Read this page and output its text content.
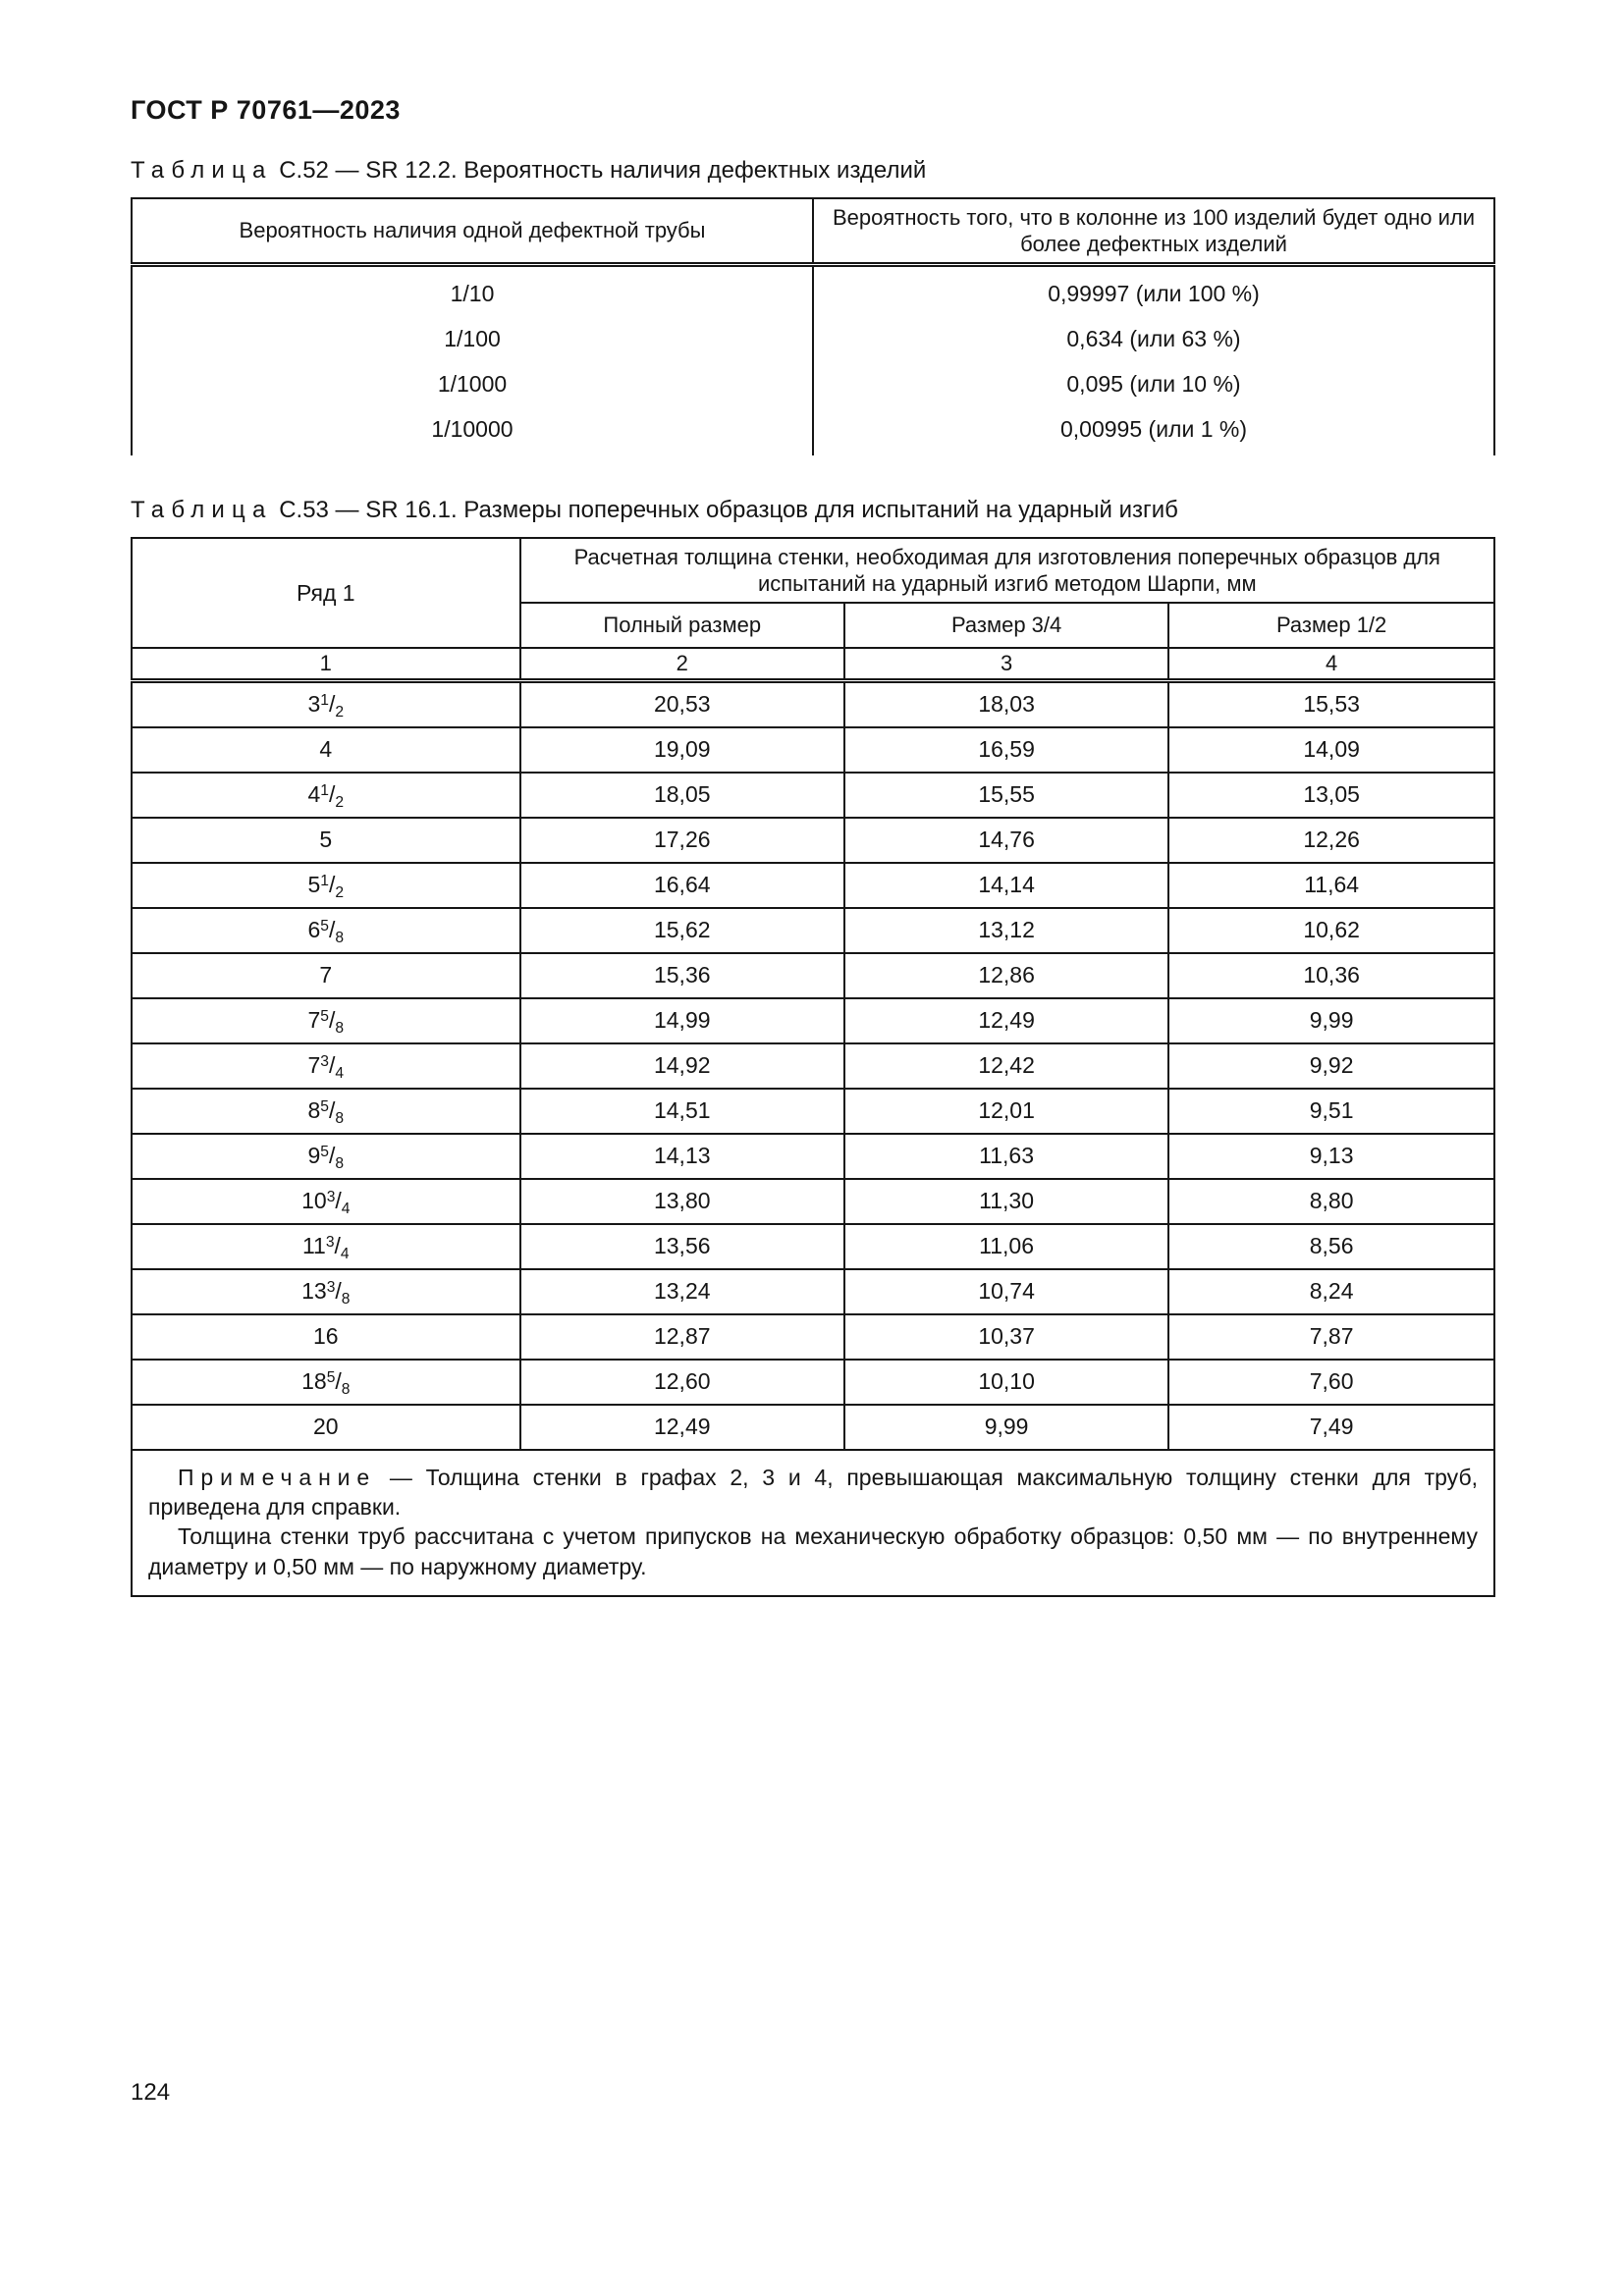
ГОСТ Р 70761—2023

Таблица С.52 — SR 12.2. Вероятность наличия дефектных изделий

Вероятность наличия одной дефектной трубы	Вероятность того, что в колонне из 100 изделий будет одно или более дефектных изделий
1/10	0,99997 (или 100 %)
1/100	0,634 (или 63 %)
1/1000	0,095 (или 10 %)
1/10000	0,00995 (или 1 %)

Таблица С.53 — SR 16.1. Размеры поперечных образцов для испытаний на ударный изгиб

Ряд 1	Расчетная толщина стенки, необходимая для изготовления поперечных образцов для испытаний на ударный изгиб методом Шарпи, мм		
	Полный размер	Размер 3/4	Размер 1/2
1	2	3	4
$3^1/_2$	20,53	18,03	15,53
4	19,09	16,59	14,09
$4^1/_2$	18,05	15,55	13,05
5	17,26	14,76	12,26
$5^1/_2$	16,64	14,14	11,64
$6^5/_8$	15,62	13,12	10,62
7	15,36	12,86	10,36
$7^5/_8$	14,99	12,49	9,99
$7^3/_4$	14,92	12,42	9,92
$8^5/_8$	14,51	12,01	9,51
$9^5/_8$	14,13	11,63	9,13
$10^3/_4$	13,80	11,30	8,80
$11^3/_4$	13,56	11,06	8,56
$13^3/_8$	13,24	10,74	8,24
16	12,87	10,37	7,87
$18^5/_8$	12,60	10,10	7,60
20	12,49	9,99	7,49

Примечание — Толщина стенки в графах 2, 3 и 4, превышающая максимальную толщину стенки для труб, приведена для справки.

Толщина стенки труб рассчитана с учетом припусков на механическую обработку образцов: 0,50 мм — по внутреннему диаметру и 0,50 мм — по наружному диаметру.			

124
